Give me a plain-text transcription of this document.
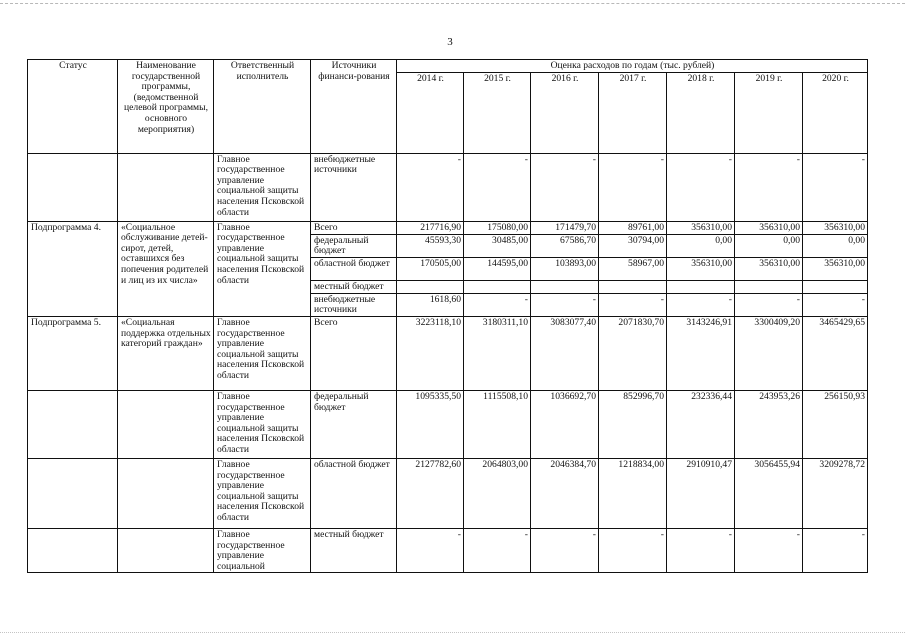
3
Статус	Наименование государственной программы, (ведомственной целевой программы, основного мероприятия)	Ответственный исполнитель	Источники финанси-рования	Оценка расходов по годам (тыс. рублей)						
				2014 г.	2015 г.	2016 г.	2017 г.	2018 г.	2019 г.	2020 г.
		Главное государственное управление социальной защиты населения Псковской области	внебюджетные источники	-	-	-	-	-	-	-
Подпрограмма 4.	«Социальное обслуживание детей-сирот, детей, оставшихся без попечения родителей и лиц из их числа»	Главное государственное управление социальной защиты населения Псковской области	Всего	217716,90	175080,00	171479,70	89761,00	356310,00	356310,00	356310,00
			федеральный бюджет	45593,30	30485,00	67586,70	30794,00	0,00	0,00	0,00
			областной бюджет	170505,00	144595,00	103893,00	58967,00	356310,00	356310,00	356310,00
			местный бюджет							
			внебюджетные источники	1618,60	-	-	-	-	-	-
Подпрограмма 5.	«Социальная поддержка отдельных категорий граждан»	Главное государственное управление социальной защиты населения Псковской области	Всего	3223118,10	3180311,10	3083077,40	2071830,70	3143246,91	3300409,20	3465429,65
		Главное государственное управление социальной защиты населения Псковской области	федеральный бюджет	1095335,50	1115508,10	1036692,70	852996,70	232336,44	243953,26	256150,93
		Главное государственное управление социальной защиты населения Псковской области	областной бюджет	2127782,60	2064803,00	2046384,70	1218834,00	2910910,47	3056455,94	3209278,72
		Главное государственное управление социальной	местный бюджет	-	-	-	-	-	-	-
